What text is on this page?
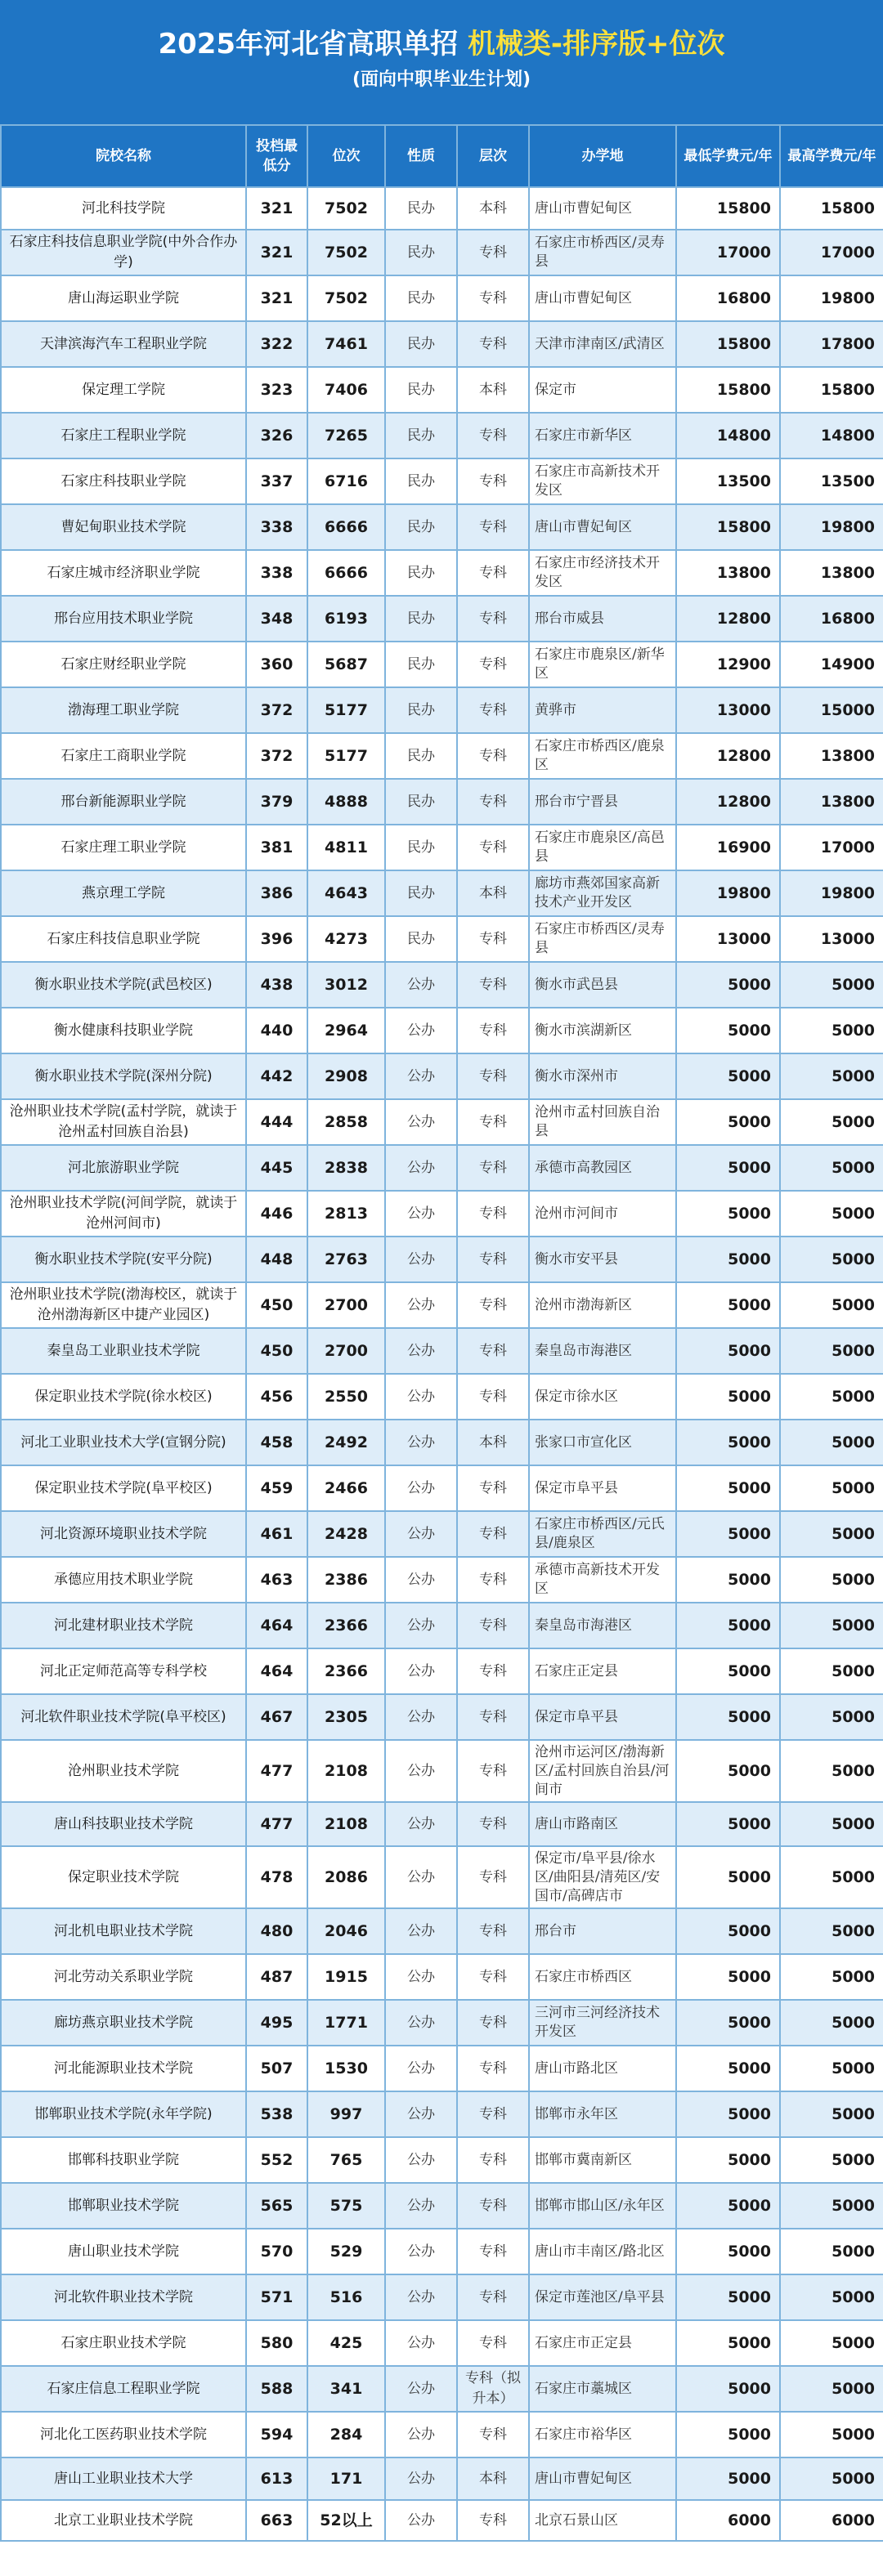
2025年河北省高职单招 机械类-排序版+位次
(面向中职毕业生计划)
院校名称	投档最低分	位次	性质	层次	办学地	最低学费元/年	最高学费元/年
河北科技学院	321	7502	民办	本科	唐山市曹妃甸区	15800	15800
石家庄科技信息职业学院(中外合作办学)	321	7502	民办	专科	石家庄市桥西区/灵寿县	17000	17000
唐山海运职业学院	321	7502	民办	专科	唐山市曹妃甸区	16800	19800
天津滨海汽车工程职业学院	322	7461	民办	专科	天津市津南区/武清区	15800	17800
保定理工学院	323	7406	民办	本科	保定市	15800	15800
石家庄工程职业学院	326	7265	民办	专科	石家庄市新华区	14800	14800
石家庄科技职业学院	337	6716	民办	专科	石家庄市高新技术开发区	13500	13500
曹妃甸职业技术学院	338	6666	民办	专科	唐山市曹妃甸区	15800	19800
石家庄城市经济职业学院	338	6666	民办	专科	石家庄市经济技术开发区	13800	13800
邢台应用技术职业学院	348	6193	民办	专科	邢台市威县	12800	16800
石家庄财经职业学院	360	5687	民办	专科	石家庄市鹿泉区/新华区	12900	14900
渤海理工职业学院	372	5177	民办	专科	黄骅市	13000	15000
石家庄工商职业学院	372	5177	民办	专科	石家庄市桥西区/鹿泉区	12800	13800
邢台新能源职业学院	379	4888	民办	专科	邢台市宁晋县	12800	13800
石家庄理工职业学院	381	4811	民办	专科	石家庄市鹿泉区/高邑县	16900	17000
燕京理工学院	386	4643	民办	本科	廊坊市燕郊国家高新技术产业开发区	19800	19800
石家庄科技信息职业学院	396	4273	民办	专科	石家庄市桥西区/灵寿县	13000	13000
衡水职业技术学院(武邑校区)	438	3012	公办	专科	衡水市武邑县	5000	5000
衡水健康科技职业学院	440	2964	公办	专科	衡水市滨湖新区	5000	5000
衡水职业技术学院(深州分院)	442	2908	公办	专科	衡水市深州市	5000	5000
沧州职业技术学院(孟村学院，就读于沧州孟村回族自治县)	444	2858	公办	专科	沧州市孟村回族自治县	5000	5000
河北旅游职业学院	445	2838	公办	专科	承德市高教园区	5000	5000
沧州职业技术学院(河间学院，就读于沧州河间市)	446	2813	公办	专科	沧州市河间市	5000	5000
衡水职业技术学院(安平分院)	448	2763	公办	专科	衡水市安平县	5000	5000
沧州职业技术学院(渤海校区，就读于沧州渤海新区中捷产业园区)	450	2700	公办	专科	沧州市渤海新区	5000	5000
秦皇岛工业职业技术学院	450	2700	公办	专科	秦皇岛市海港区	5000	5000
保定职业技术学院(徐水校区)	456	2550	公办	专科	保定市徐水区	5000	5000
河北工业职业技术大学(宣钢分院)	458	2492	公办	本科	张家口市宣化区	5000	5000
保定职业技术学院(阜平校区)	459	2466	公办	专科	保定市阜平县	5000	5000
河北资源环境职业技术学院	461	2428	公办	专科	石家庄市桥西区/元氏县/鹿泉区	5000	5000
承德应用技术职业学院	463	2386	公办	专科	承德市高新技术开发区	5000	5000
河北建材职业技术学院	464	2366	公办	专科	秦皇岛市海港区	5000	5000
河北正定师范高等专科学校	464	2366	公办	专科	石家庄正定县	5000	5000
河北软件职业技术学院(阜平校区)	467	2305	公办	专科	保定市阜平县	5000	5000
沧州职业技术学院	477	2108	公办	专科	沧州市运河区/渤海新区/孟村回族自治县/河间市	5000	5000
唐山科技职业技术学院	477	2108	公办	专科	唐山市路南区	5000	5000
保定职业技术学院	478	2086	公办	专科	保定市/阜平县/徐水区/曲阳县/清苑区/安国市/高碑店市	5000	5000
河北机电职业技术学院	480	2046	公办	专科	邢台市	5000	5000
河北劳动关系职业学院	487	1915	公办	专科	石家庄市桥西区	5000	5000
廊坊燕京职业技术学院	495	1771	公办	专科	三河市三河经济技术开发区	5000	5000
河北能源职业技术学院	507	1530	公办	专科	唐山市路北区	5000	5000
邯郸职业技术学院(永年学院)	538	997	公办	专科	邯郸市永年区	5000	5000
邯郸科技职业学院	552	765	公办	专科	邯郸市冀南新区	5000	5000
邯郸职业技术学院	565	575	公办	专科	邯郸市邯山区/永年区	5000	5000
唐山职业技术学院	570	529	公办	专科	唐山市丰南区/路北区	5000	5000
河北软件职业技术学院	571	516	公办	专科	保定市莲池区/阜平县	5000	5000
石家庄职业技术学院	580	425	公办	专科	石家庄市正定县	5000	5000
石家庄信息工程职业学院	588	341	公办	专科（拟升本）	石家庄市藁城区	5000	5000
河北化工医药职业技术学院	594	284	公办	专科	石家庄市裕华区	5000	5000
唐山工业职业技术大学	613	171	公办	本科	唐山市曹妃甸区	5000	5000
北京工业职业技术学院	663	52以上	公办	专科	北京石景山区	6000	6000
